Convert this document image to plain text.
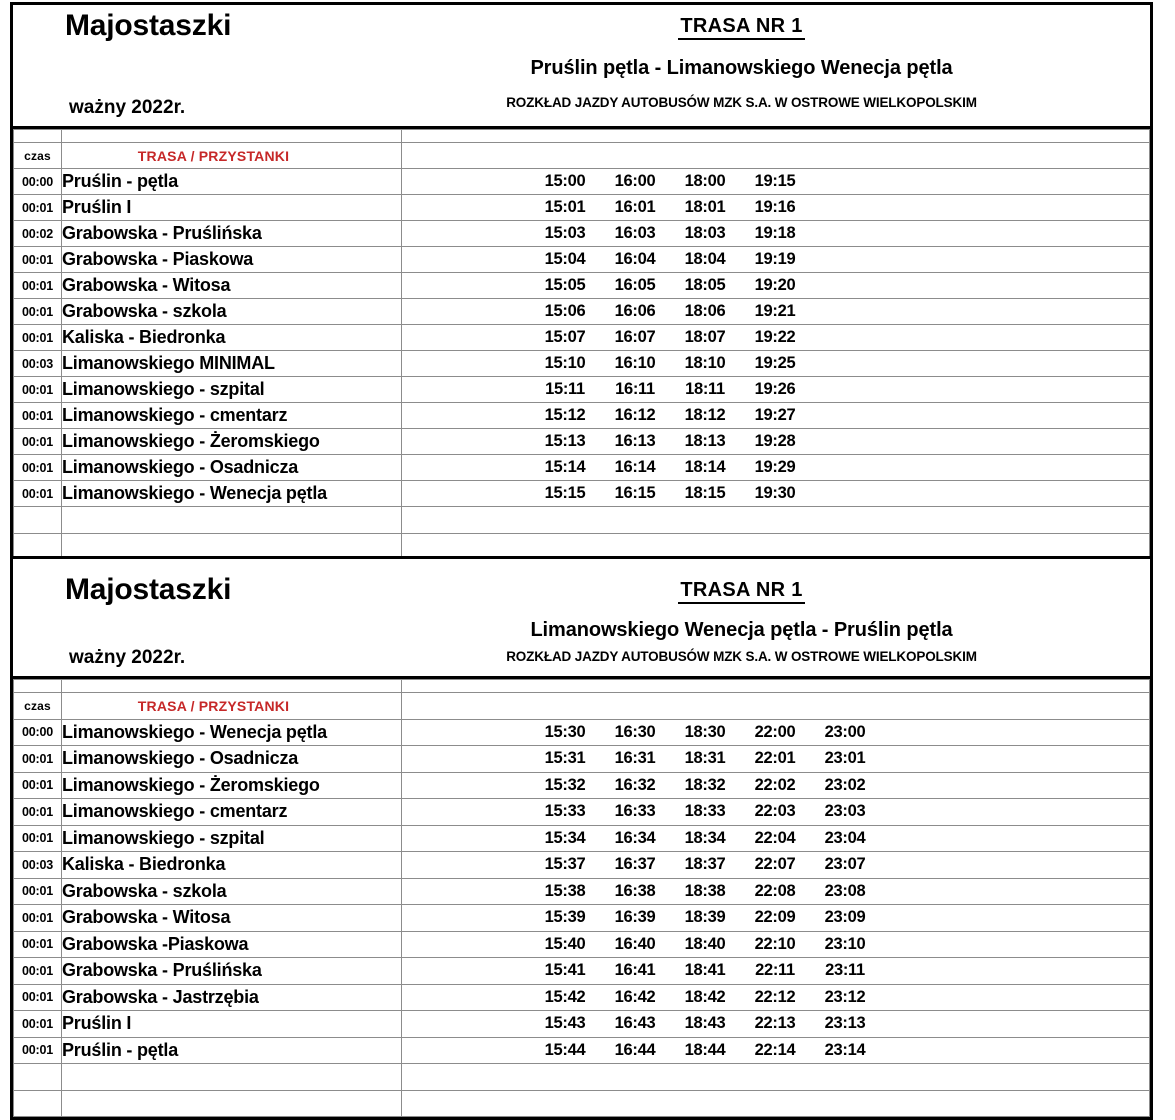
Majostaszki
ważny 2022r.
TRASA NR 1
Pruślin pętla - Limanowskiego Wenecja pętla
ROZKŁAD JAZDY AUTOBUSÓW MZK S.A. W OSTROWE WIELKOPOLSKIM

czas	TRASA / PRZYSTANKI	
00:00	Pruślin - pętla	15:00 16:00 18:00 19:15

00:01	Pruślin I	15:01 16:01 18:01 19:16

00:02	Grabowska - Pruślińska	15:03 16:03 18:03 19:18

00:01	Grabowska - Piaskowa	15:04 16:04 18:04 19:19

00:01	Grabowska - Witosa	15:05 16:05 18:05 19:20

00:01	Grabowska - szkola	15:06 16:06 18:06 19:21

00:01	Kaliska - Biedronka	15:07 16:07 18:07 19:22

00:03	Limanowskiego MINIMAL	15:10 16:10 18:10 19:25

00:01	Limanowskiego - szpital	15:11 16:11 18:11 19:26

00:01	Limanowskiego - cmentarz	15:12 16:12 18:12 19:27

00:01	Limanowskiego - Żeromskiego	15:13 16:13 18:13 19:28

00:01	Limanowskiego - Osadnicza	15:14 16:14 18:14 19:29

00:01	Limanowskiego - Wenecja pętla	15:15 16:15 18:15 19:30

Majostaszki
ważny 2022r.
TRASA NR 1
Limanowskiego Wenecja pętla - Pruślin pętla
ROZKŁAD JAZDY AUTOBUSÓW MZK S.A. W OSTROWE WIELKOPOLSKIM

czas	TRASA / PRZYSTANKI	
00:00	Limanowskiego - Wenecja pętla	15:30 16:30 18:30 22:00 23:00

00:01	Limanowskiego - Osadnicza	15:31 16:31 18:31 22:01 23:01

00:01	Limanowskiego - Żeromskiego	15:32 16:32 18:32 22:02 23:02

00:01	Limanowskiego - cmentarz	15:33 16:33 18:33 22:03 23:03

00:01	Limanowskiego - szpital	15:34 16:34 18:34 22:04 23:04

00:03	Kaliska - Biedronka	15:37 16:37 18:37 22:07 23:07

00:01	Grabowska - szkola	15:38 16:38 18:38 22:08 23:08

00:01	Grabowska - Witosa	15:39 16:39 18:39 22:09 23:09

00:01	Grabowska -Piaskowa	15:40 16:40 18:40 22:10 23:10

00:01	Grabowska - Pruślińska	15:41 16:41 18:41 22:11 23:11

00:01	Grabowska - Jastrzębia	15:42 16:42 18:42 22:12 23:12

00:01	Pruślin I	15:43 16:43 18:43 22:13 23:13

00:01	Pruślin - pętla	15:44 16:44 18:44 22:14 23:14
